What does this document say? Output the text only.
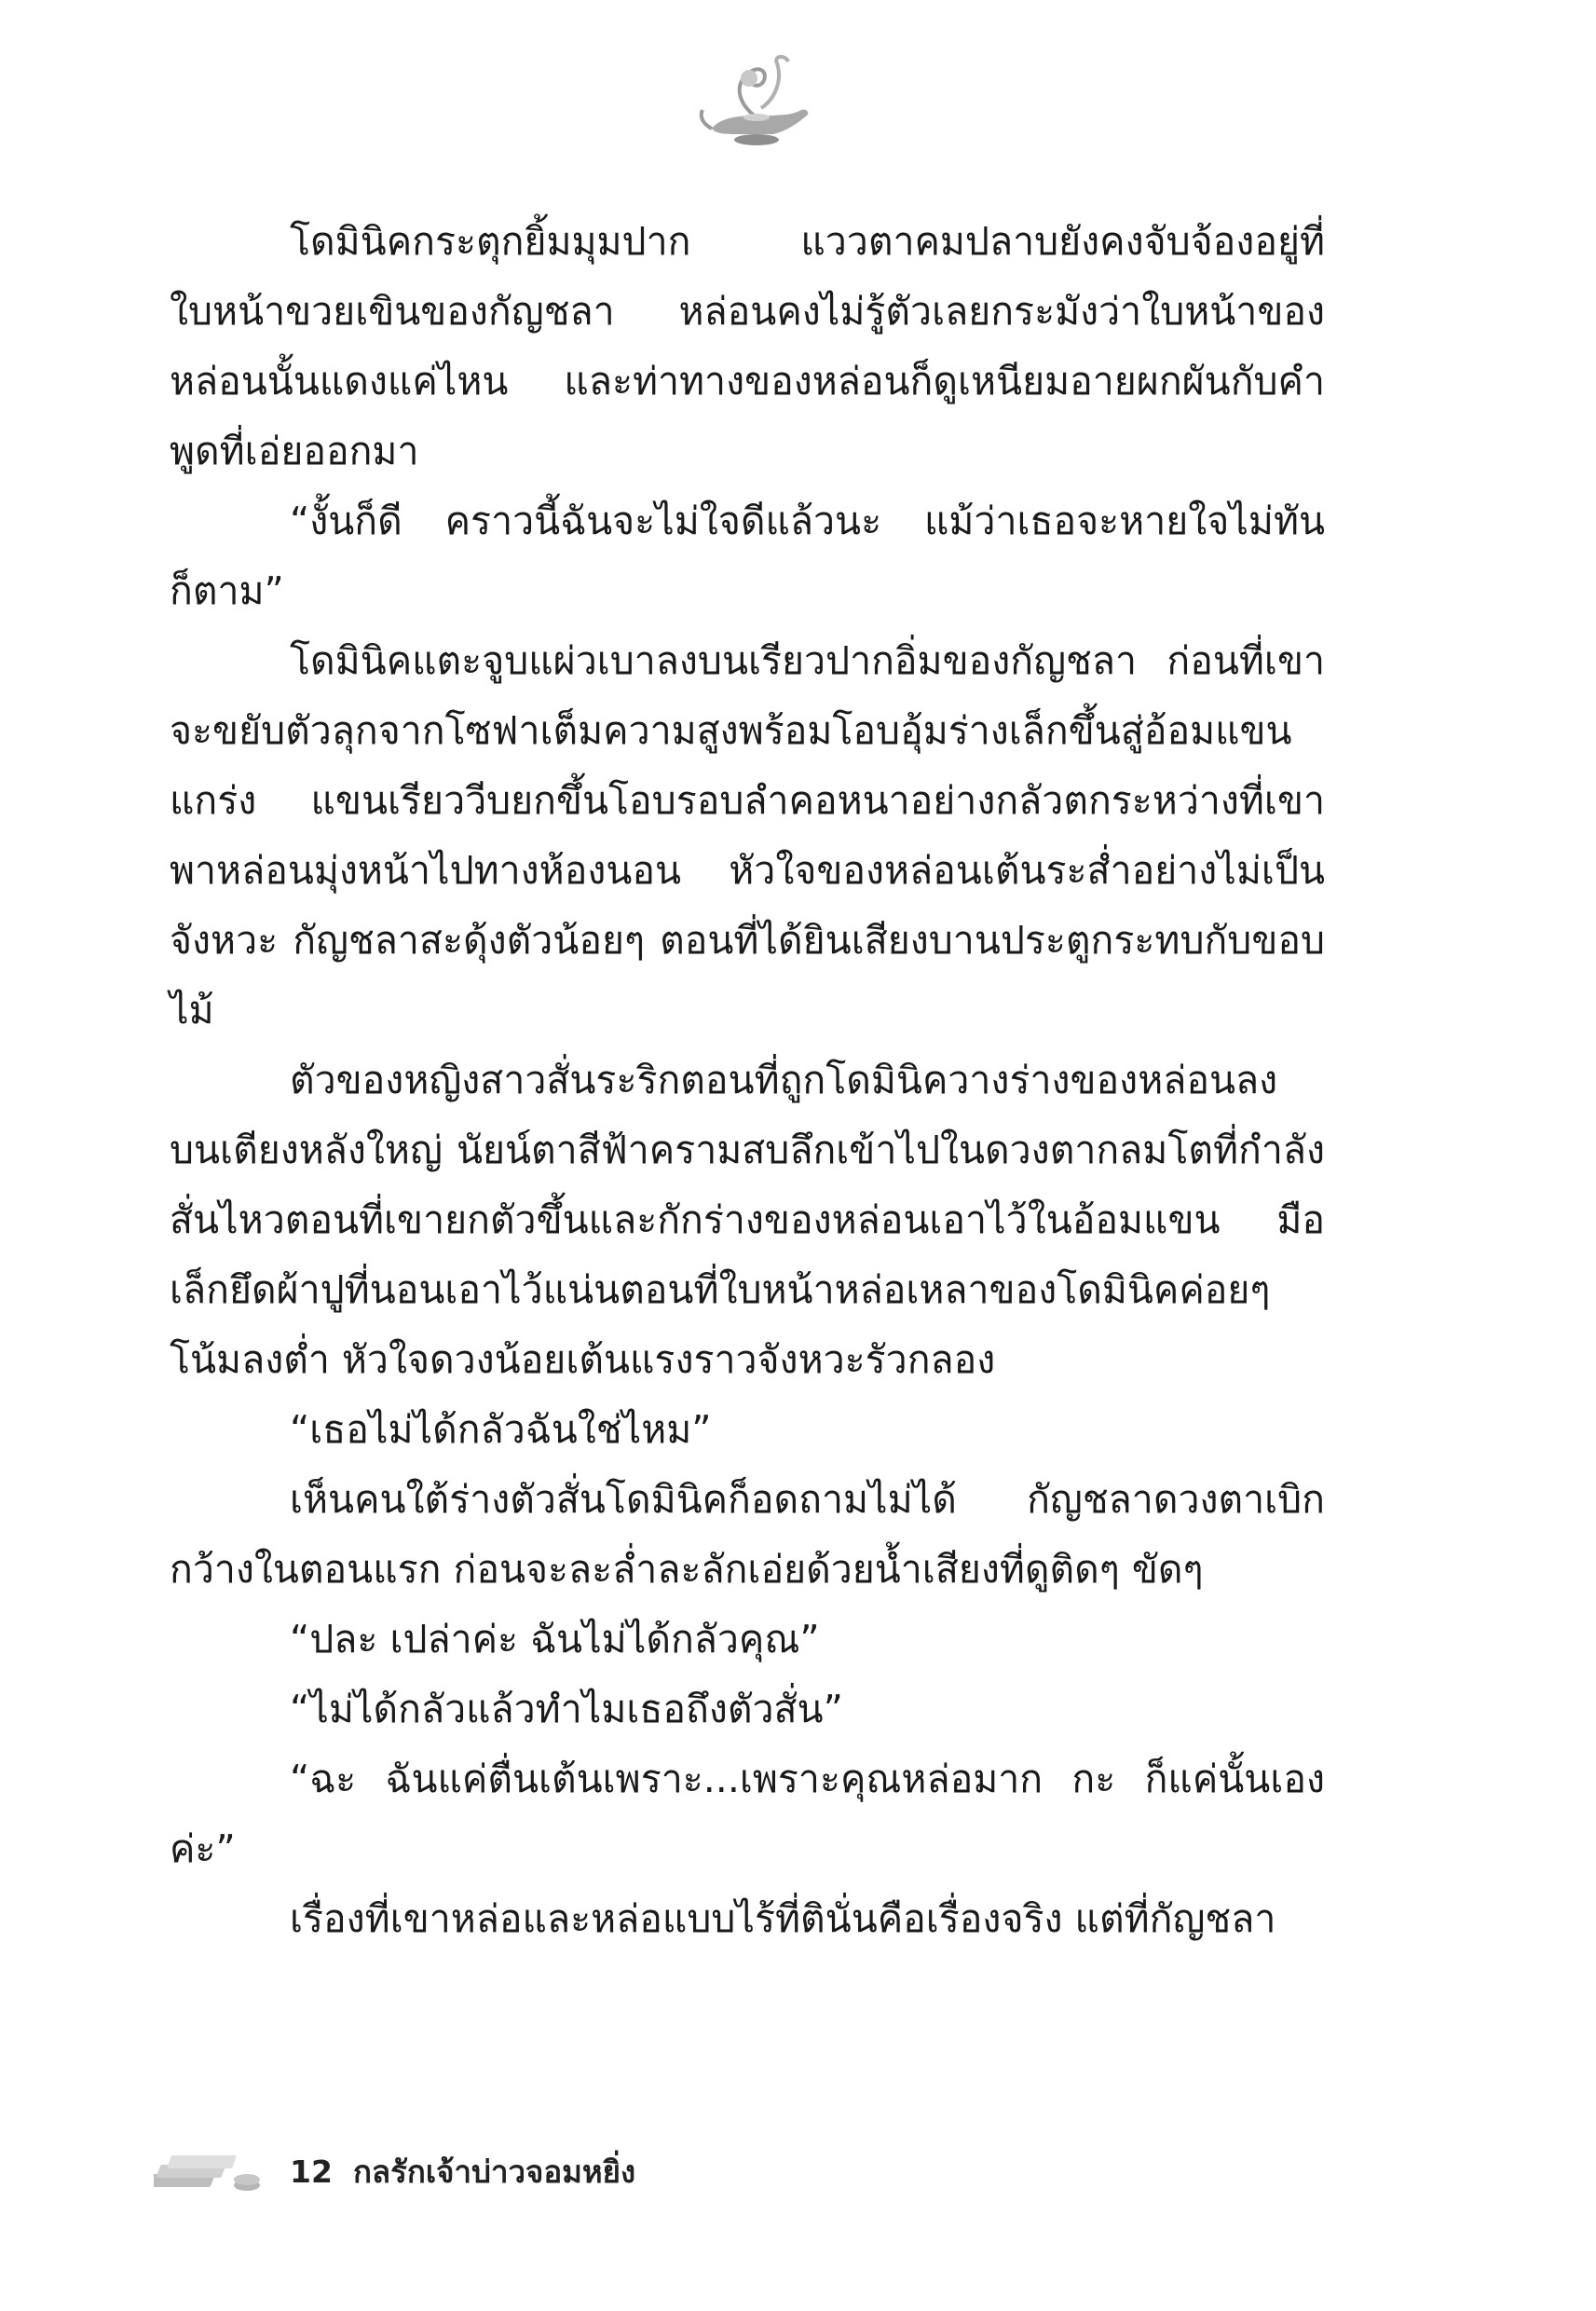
โดมินิคกระตุกยิ้มมุมปาก แววตาคมปลาบยังคงจับจ้องอยู่ที่ใบหน้าขวยเขินของกัญชลา หล่อนคงไม่รู้ตัวเลยกระมังว่าใบหน้าของหล่อนนั้นแดงแค่ไหน และท่าทางของหล่อนก็ดูเหนียมอายผกผันกับคำพูดที่เอ่ยออกมา

“งั้นก็ดี คราวนี้ฉันจะไม่ใจดีแล้วนะ แม้ว่าเธอจะหายใจไม่ทันก็ตาม”

โดมินิคแตะจูบแผ่วเบาลงบนเรียวปากอิ่มของกัญชลา ก่อนที่เขาจะขยับตัวลุกจากโซฟาเต็มความสูงพร้อมโอบอุ้มร่างเล็กขึ้นสู่อ้อมแขนแกร่ง แขนเรียววีบยกขึ้นโอบรอบลำคอหนาอย่างกลัวตกระหว่างที่เขาพาหล่อนมุ่งหน้าไปทางห้องนอน หัวใจของหล่อนเต้นระส่ำอย่างไม่เป็นจังหวะ กัญชลาสะดุ้งตัวน้อยๆ ตอนที่ได้ยินเสียงบานประตูกระทบกับขอบไม้

ตัวของหญิงสาวสั่นระริกตอนที่ถูกโดมินิควางร่างของหล่อนลงบนเตียงหลังใหญ่ นัยน์ตาสีฟ้าครามสบลึกเข้าไปในดวงตากลมโตที่กำลังสั่นไหวตอนที่เขายกตัวขึ้นและกักร่างของหล่อนเอาไว้ในอ้อมแขน มือเล็กยึดผ้าปูที่นอนเอาไว้แน่นตอนที่ใบหน้าหล่อเหลาของโดมินิคค่อยๆ โน้มลงต่ำ หัวใจดวงน้อยเต้นแรงราวจังหวะรัวกลอง

“เธอไม่ได้กลัวฉันใช่ไหม”

เห็นคนใต้ร่างตัวสั่นโดมินิคก็อดถามไม่ได้ กัญชลาดวงตาเบิกกว้างในตอนแรก ก่อนจะละล่ำละลักเอ่ยด้วยน้ำเสียงที่ดูติดๆ ขัดๆ

“ปละ เปล่าค่ะ ฉันไม่ได้กลัวคุณ”

“ไม่ได้กลัวแล้วทำไมเธอถึงตัวสั่น”

“ฉะ ฉันแค่ตื่นเต้นเพราะ...เพราะคุณหล่อมาก กะ ก็แค่นั้นเองค่ะ”

เรื่องที่เขาหล่อและหล่อแบบไร้ที่ตินั่นคือเรื่องจริง แต่ที่กัญชลา

12 กลรักเจ้าบ่าวจอมหยิ่ง
